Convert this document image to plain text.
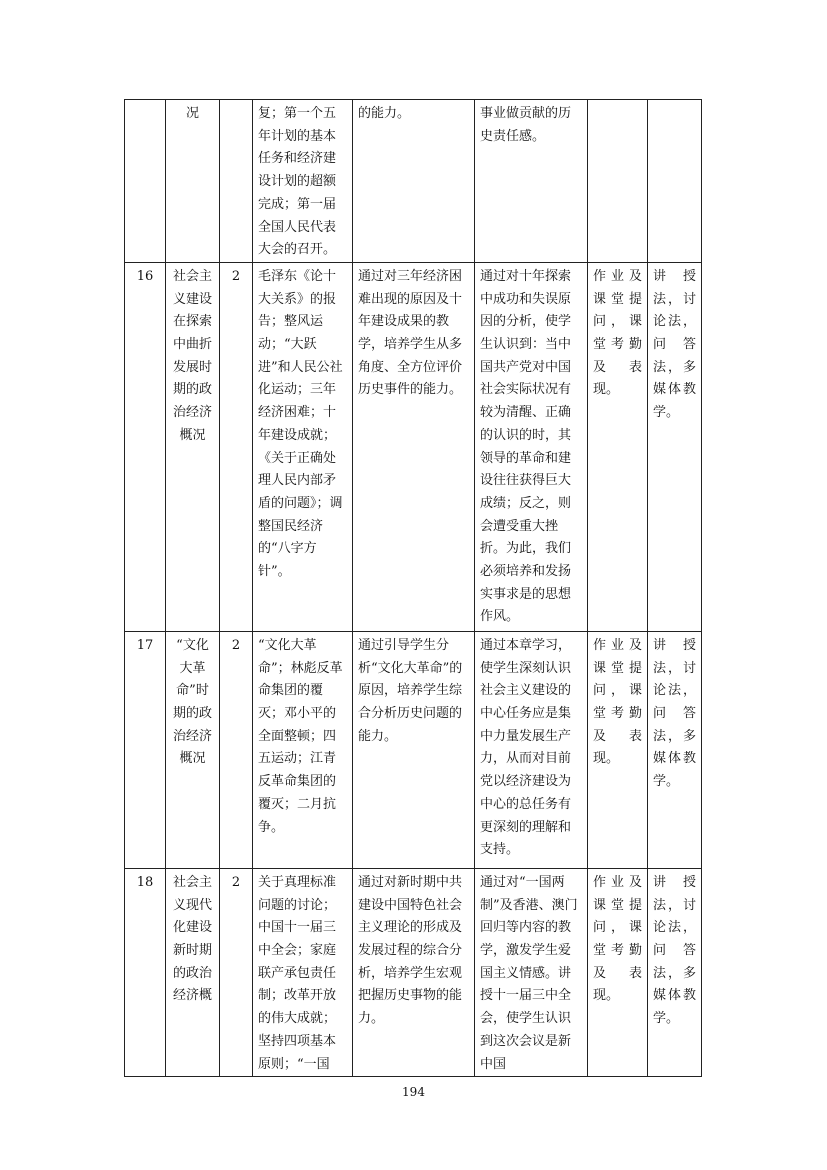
	况		复；第一个五年计划的基本任务和经济建设计划的超额完成；第一届全国人民代表大会的召开。	的能力。	事业做贡献的历史责任感。		
16	社会主义建设在探索中曲折发展时期的政治经济概况	2	毛泽东《论十大关系》的报告；整风运动；“大跃进”和人民公社化运动；三年经济困难；十年建设成就；《关于正确处理人民内部矛盾的问题》；调整国民经济的“八字方针”。	通过对三年经济困难出现的原因及十年建设成果的教学，培养学生从多角度、全方位评价历史事件的能力。	通过对十年探索中成功和失误原因的分析，使学生认识到：当中国共产党对中国社会实际状况有较为清醒、正确的认识的时，其领导的革命和建设往往获得巨大成绩；反之，则会遭受重大挫折。为此，我们必须培养和发扬实事求是的思想作风。	作业及课堂提问，课堂考勤及表现。	讲授法，讨论法，问答法，多媒体教学。
17	“文化大革命”时期的政治经济概况	2	“文化大革命”；林彪反革命集团的覆灭；邓小平的全面整顿；四五运动；江青反革命集团的覆灭；二月抗争。	通过引导学生分析“文化大革命”的原因，培养学生综合分析历史问题的能力。	通过本章学习，使学生深刻认识社会主义建设的中心任务应是集中力量发展生产力，从而对目前党以经济建设为中心的总任务有更深刻的理解和支持。	作业及课堂提问，课堂考勤及表现。	讲授法，讨论法，问答法，多媒体教学。
18	社会主义现代化建设新时期的政治经济概	2	关于真理标准问题的讨论；中国十一届三中全会；家庭联产承包责任制；改革开放的伟大成就；坚持四项基本原则；“一国	通过对新时期中共建设中国特色社会主义理论的形成及发展过程的综合分析，培养学生宏观把握历史事物的能力。	通过对“一国两制”及香港、澳门回归等内容的教学，激发学生爱国主义情感。讲授十一届三中全会，使学生认识到这次会议是新中国	作业及课堂提问，课堂考勤及表现。	讲授法，讨论法，问答法，多媒体教学。
194
